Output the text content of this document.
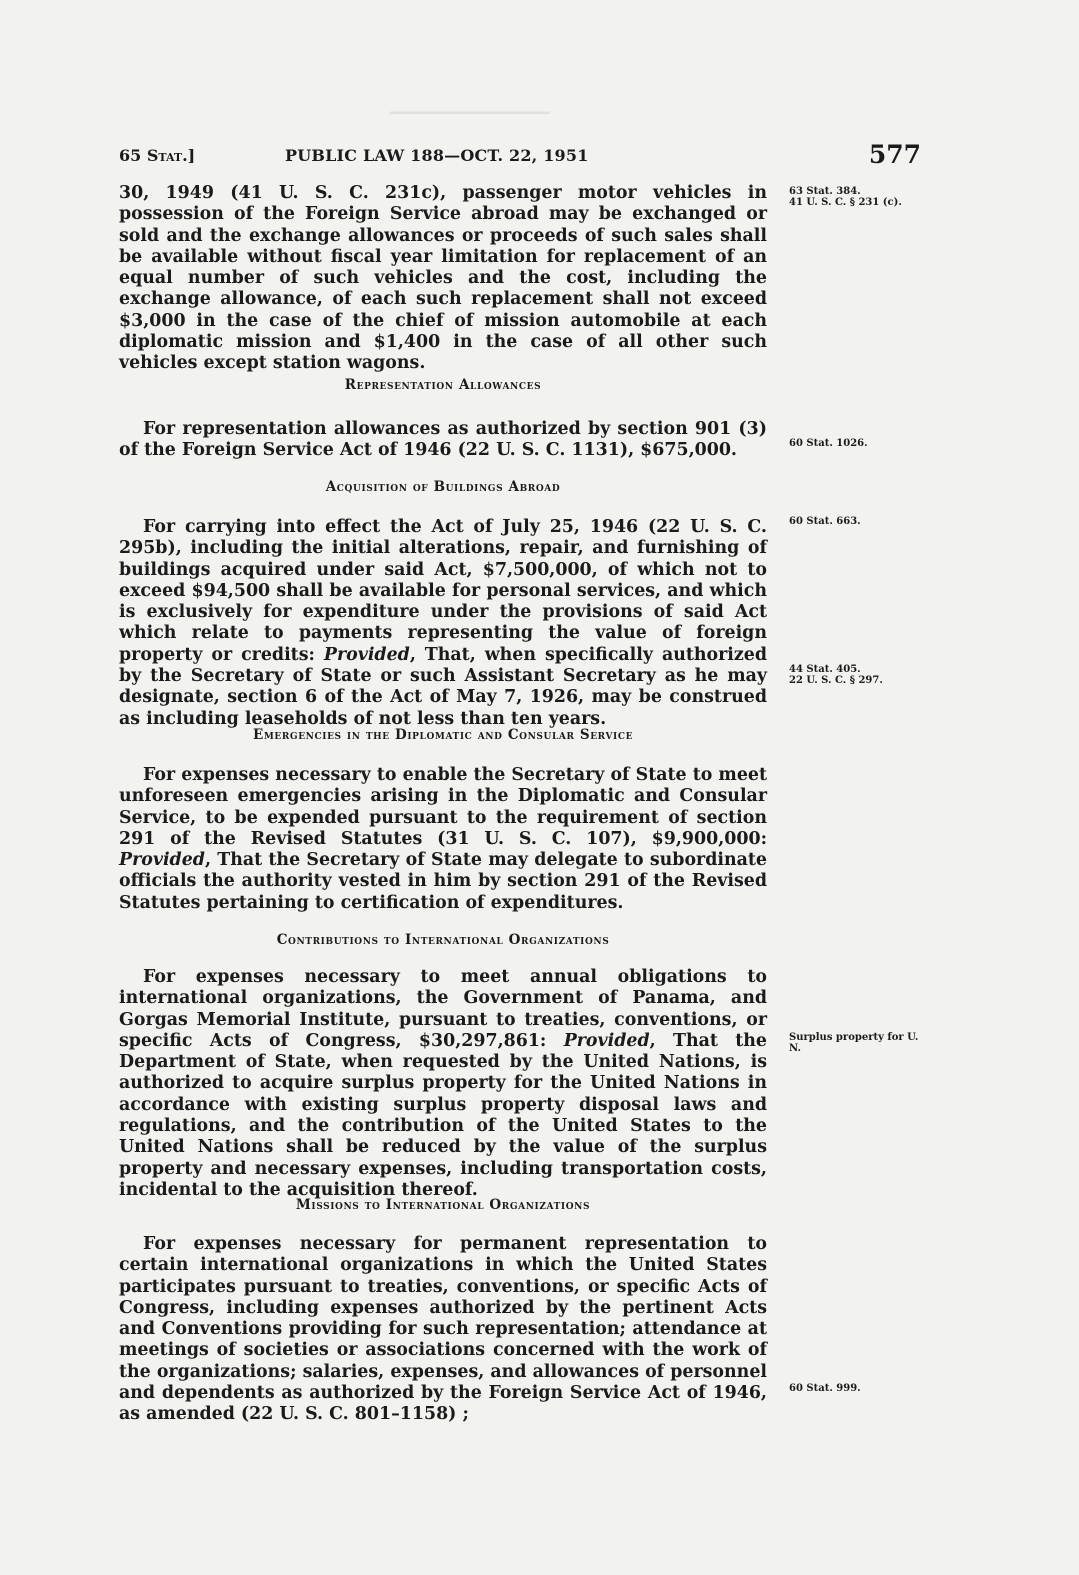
▁▁▁▁▁▁▁▁▁▁▁▁▁
65 Stat.]	PUBLIC LAW 188—OCT. 22, 1951	577

30, 1949 (41 U. S. C. 231c), passenger motor vehicles in possession of the Foreign Service abroad may be exchanged or sold and the exchange allowances or proceeds of such sales shall be available without fiscal year limitation for replacement of an equal number of such vehicles and the cost, including the exchange allowance, of each such replacement shall not exceed $3,000 in the case of the chief of mission automobile at each diplomatic mission and $1,400 in the case of all other such vehicles except station wagons.

Representation Allowances

For representation allowances as authorized by section 901 (3) of the Foreign Service Act of 1946 (22 U. S. C. 1131), $675,000.

Acquisition of Buildings Abroad

For carrying into effect the Act of July 25, 1946 (22 U. S. C. 295b), including the initial alterations, repair, and furnishing of buildings acquired under said Act, $7,500,000, of which not to exceed $94,500 shall be available for personal services, and which is exclusively for expenditure under the provisions of said Act which relate to payments representing the value of foreign property or credits: Provided, That, when specifically authorized by the Secretary of State or such Assistant Secretary as he may designate, section 6 of the Act of May 7, 1926, may be construed as including leaseholds of not less than ten years.

Emergencies in the Diplomatic and Consular Service

For expenses necessary to enable the Secretary of State to meet unforeseen emergencies arising in the Diplomatic and Consular Service, to be expended pursuant to the requirement of section 291 of the Revised Statutes (31 U. S. C. 107), $9,900,000: Provided, That the Secretary of State may delegate to subordinate officials the authority vested in him by section 291 of the Revised Statutes pertaining to certification of expenditures.

Contributions to International Organizations

For expenses necessary to meet annual obligations to international organizations, the Government of Panama, and Gorgas Memorial Institute, pursuant to treaties, conventions, or specific Acts of Congress, $30,297,861: Provided, That the Department of State, when requested by the United Nations, is authorized to acquire surplus property for the United Nations in accordance with existing surplus property disposal laws and regulations, and the contribution of the United States to the United Nations shall be reduced by the value of the surplus property and necessary expenses, including transportation costs, incidental to the acquisition thereof.

Missions to International Organizations

For expenses necessary for permanent representation to certain international organizations in which the United States participates pursuant to treaties, conventions, or specific Acts of Congress, including expenses authorized by the pertinent Acts and Conventions providing for such representation; attendance at meetings of societies or associations concerned with the work of the organizations; salaries, expenses, and allowances of personnel and dependents as authorized by the Foreign Service Act of 1946, as amended (22 U. S. C. 801–1158) ;

63 Stat. 384.
41 U. S. C. § 231 (c).
60 Stat. 1026.
60 Stat. 663.
44 Stat. 405.
22 U. S. C. § 297.
Surplus property for U. N.
60 Stat. 999.
